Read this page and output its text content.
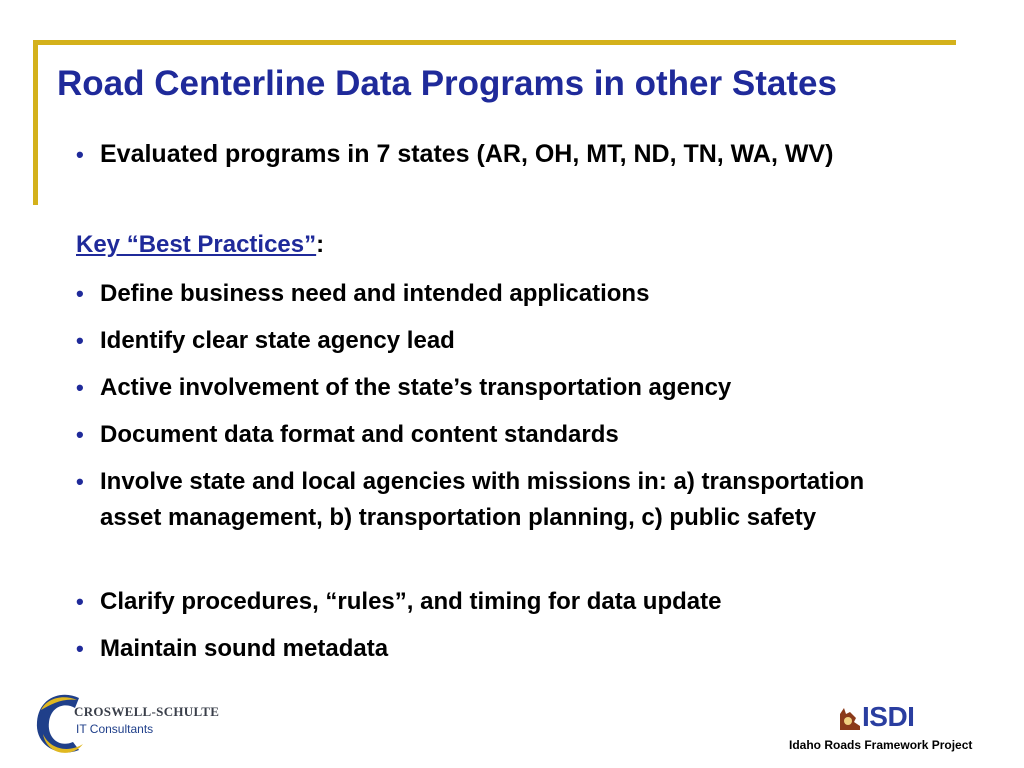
Road Centerline Data Programs in other States
• Evaluated programs in 7 states (AR, OH, MT, ND, TN, WA, WV)
Key “Best Practices”:
• Define business need and intended applications
• Identify clear state agency lead
• Active involvement of the state’s transportation agency
• Document data format and content standards
• Involve state and local agencies with missions in: a) transportation asset management, b) transportation planning, c) public safety
• Clarify procedures, “rules”, and timing for data update
• Maintain sound metadata
CROSWELL-SCHULTE
IT Consultants	ISDI
Idaho Roads Framework Project
